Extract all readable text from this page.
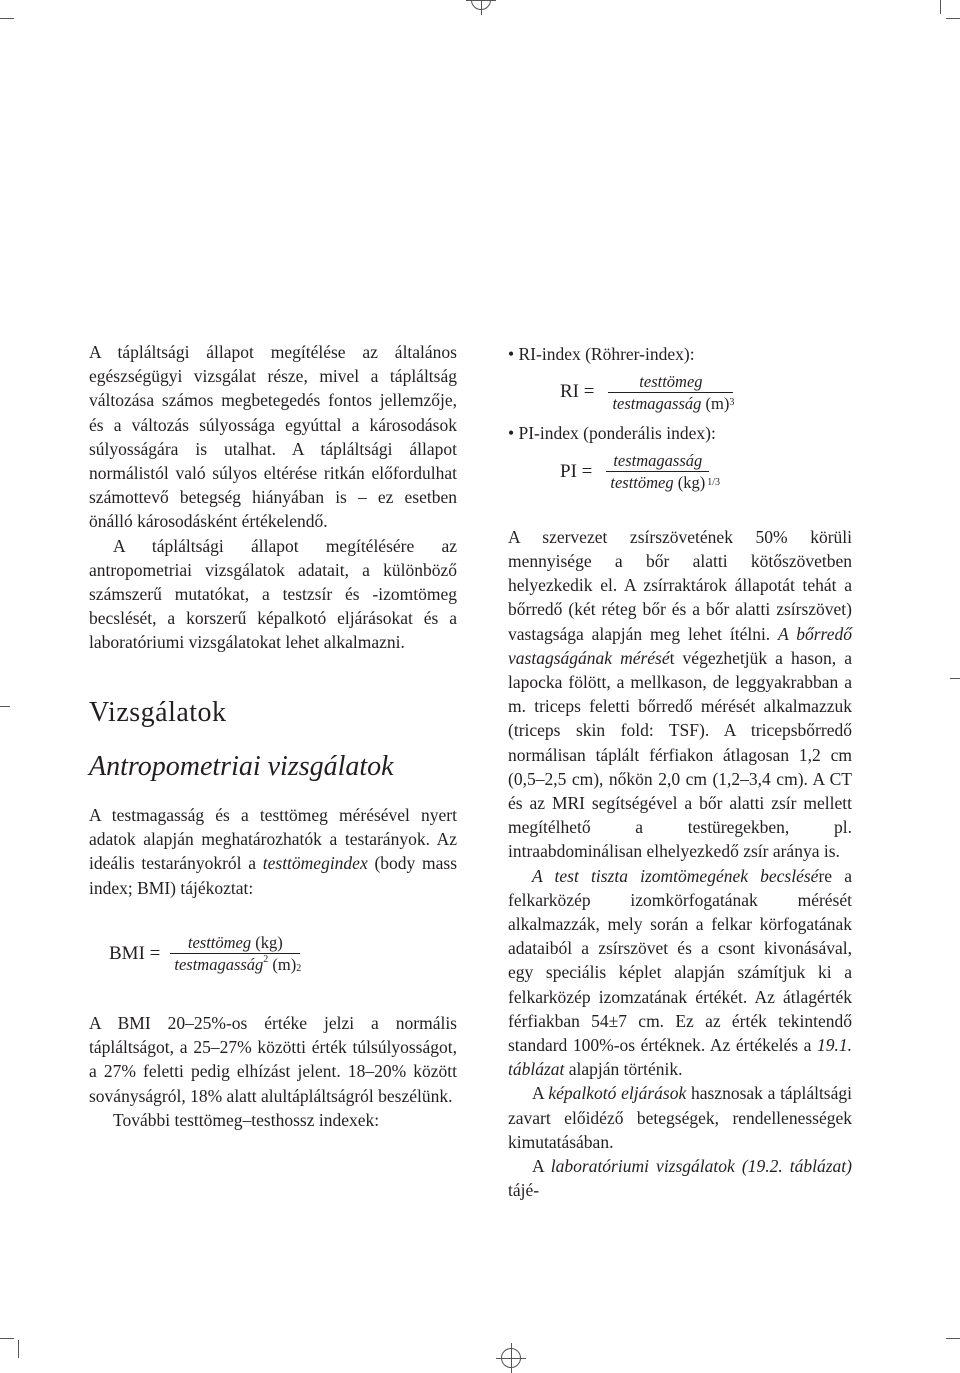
A tápláltsági állapot megítélése az általános egészségügyi vizsgálat része, mivel a tápláltság változása számos megbetegedés fontos jellemzője, és a változás súlyossága egyúttal a károsodások súlyosságára is utalhat. A tápláltsági állapot normálistól való súlyos eltérése ritkán előfordulhat számottevő betegség hiányában is – ez esetben önálló károsodásként értékelendő.

A tápláltsági állapot megítélésére az antropometriai vizsgálatok adatait, a különböző számszerű mutatókat, a testzsír és -izomtömeg becslését, a korszerű képalkotó eljárásokat és a laboratóriumi vizsgálatokat lehet alkalmazni.

Vizsgálatok
Antropometriai vizsgálatok

A testmagasság és a testtömeg mérésével nyert adatok alapján meghatározhatók a testarányok. Az ideális testarányokról a testtömegindex (body mass index; BMI) tájékoztat:

BMI = $\frac{\text{testtömeg (kg)}}{testmagasság^2 (m)}$
2

A BMI 20–25%-os értéke jelzi a normális tápláltságot, a 25–27% közötti érték túlsúlyosságot, a 27% feletti pedig elhízást jelent. 18–20% között soványságról, 18% alatt alultápláltságról beszélünk.

További testtömeg–testhossz indexek:

• RI-index (Röhrer-index):

RI = $\frac{\text{testtömeg}}{\text{testmagasság (m)}}$
3

• PI-index (ponderális index):

PI = $\frac{\text{testmagasság}}{\text{testtömeg (kg)}}$
1/3

A szervezet zsírszövetének 50% körüli mennyisége a bőr alatti kötőszövetben helyezkedik el. A zsírraktárok állapotát tehát a bőrredő (két réteg bőr és a bőr alatti zsírszövet) vastagsága alapján meg lehet ítélni. A bőrredő vastagságának mérését végezhetjük a hason, a lapocka fölött, a mellkason, de leggyakrabban a m. triceps feletti bőrredő mérését alkalmazzuk (triceps skin fold: TSF). A tricepsbőrredő normálisan táplált férfiakon átlagosan 1,2 cm (0,5–2,5 cm), nőkön 2,0 cm (1,2–3,4 cm). A CT és az MRI segítségével a bőr alatti zsír mellett megítélhető a testüregekben, pl. intraabdominálisan elhelyezkedő zsír aránya is.

A test tiszta izomtömegének becslésére a felkarközép izomkörfogatának mérését alkalmazzák, mely során a felkar körfogatának adataiból a zsírszövet és a csont kivonásával, egy speciális képlet alapján számítjuk ki a felkarközép izomzatának értékét. Az átlagérték férfiakban 54±7 cm. Ez az érték tekintendő standard 100%-os értéknek. Az értékelés a 19.1. táblázat alapján történik.

A képalkotó eljárások hasznosak a tápláltsági zavart előidéző betegségek, rendellenességek kimutatásában.

A laboratóriumi vizsgálatok (19.2. táblázat) tájé-
